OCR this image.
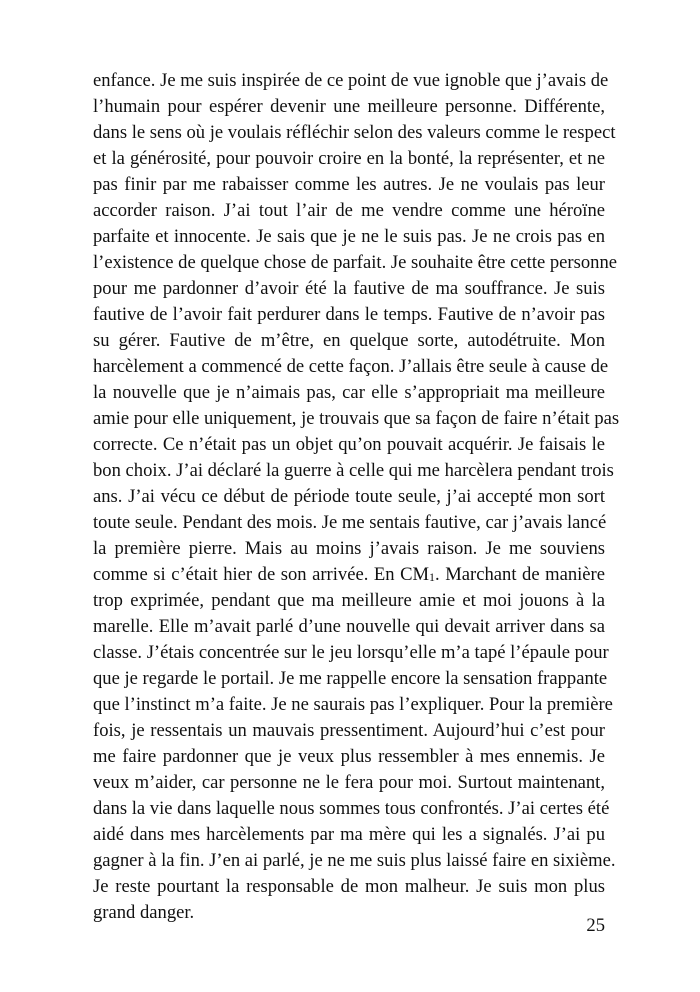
enfance. Je me suis inspirée de ce point de vue ignoble que j’avais de
l’humain pour espérer devenir une meilleure personne. Différente,
dans le sens où je voulais réfléchir selon des valeurs comme le respect
et la générosité, pour pouvoir croire en la bonté, la représenter, et ne
pas finir par me rabaisser comme les autres. Je ne voulais pas leur
accorder raison. J’ai tout l’air de me vendre comme une héroïne
parfaite et innocente. Je sais que je ne le suis pas. Je ne crois pas en
l’existence de quelque chose de parfait. Je souhaite être cette personne
pour me pardonner d’avoir été la fautive de ma souffrance. Je suis
fautive de l’avoir fait perdurer dans le temps. Fautive de n’avoir pas
su gérer. Fautive de m’être, en quelque sorte, autodétruite. Mon
harcèlement a commencé de cette façon. J’allais être seule à cause de
la nouvelle que je n’aimais pas, car elle s’appropriait ma meilleure
amie pour elle uniquement, je trouvais que sa façon de faire n’était pas
correcte. Ce n’était pas un objet qu’on pouvait acquérir. Je faisais le
bon choix. J’ai déclaré la guerre à celle qui me harcèlera pendant trois
ans. J’ai vécu ce début de période toute seule, j’ai accepté mon sort
toute seule. Pendant des mois. Je me sentais fautive, car j’avais lancé
la première pierre. Mais au moins j’avais raison. Je me souviens
comme si c’était hier de son arrivée. En $CM_1$. Marchant de manière
trop exprimée, pendant que ma meilleure amie et moi jouons à la
marelle. Elle m’avait parlé d’une nouvelle qui devait arriver dans sa
classe. J’étais concentrée sur le jeu lorsqu’elle m’a tapé l’épaule pour
que je regarde le portail. Je me rappelle encore la sensation frappante
que l’instinct m’a faite. Je ne saurais pas l’expliquer. Pour la première
fois, je ressentais un mauvais pressentiment. Aujourd’hui c’est pour
me faire pardonner que je veux plus ressembler à mes ennemis. Je
veux m’aider, car personne ne le fera pour moi. Surtout maintenant,
dans la vie dans laquelle nous sommes tous confrontés. J’ai certes été
aidé dans mes harcèlements par ma mère qui les a signalés. J’ai pu
gagner à la fin. J’en ai parlé, je ne me suis plus laissé faire en sixième.
Je reste pourtant la responsable de mon malheur. Je suis mon plus
grand danger.
25
